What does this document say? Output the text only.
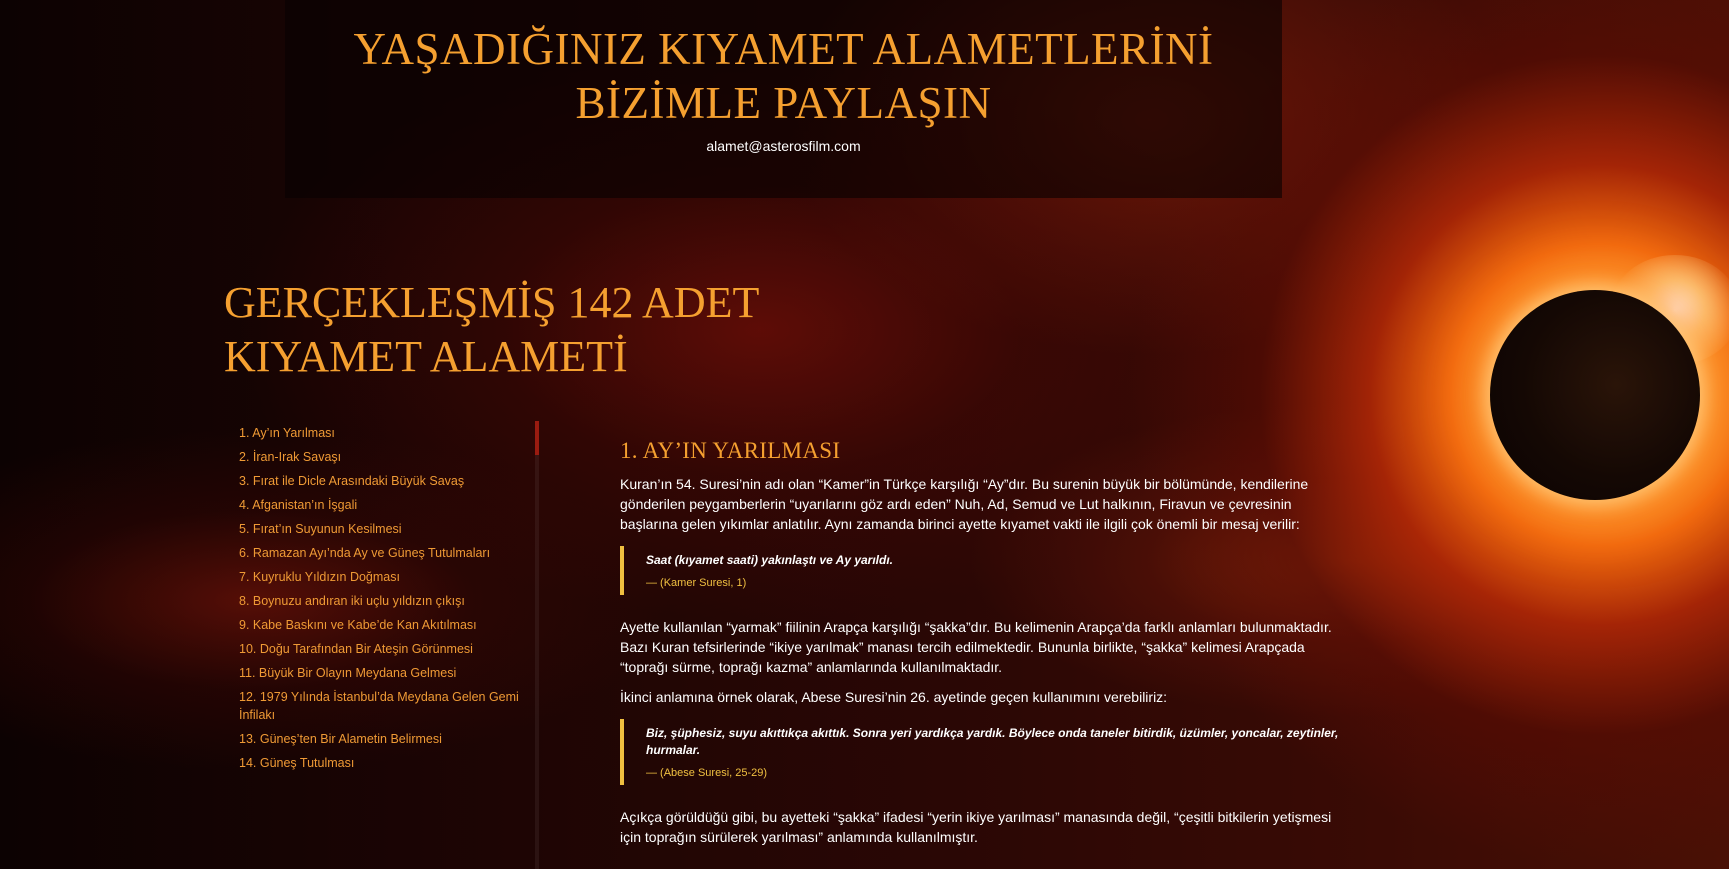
YAŞADIĞINIZ KIYAMET ALAMETLERİNİ
BİZİMLE PAYLAŞIN
alamet@asterosfilm.com
GERÇEKLEŞMİŞ 142 ADET
KIYAMET ALAMETİ
1. Ay’ın Yarılması
2. İran-Irak Savaşı
3. Fırat ile Dicle Arasındaki Büyük Savaş
4. Afganistan’ın İşgali
5. Fırat’ın Suyunun Kesilmesi
6. Ramazan Ayı’nda Ay ve Güneş Tutulmaları
7. Kuyruklu Yıldızın Doğması
8. Boynuzu andıran iki uçlu yıldızın çıkışı
9. Kabe Baskını ve Kabe’de Kan Akıtılması
10. Doğu Tarafından Bir Ateşin Görünmesi
11. Büyük Bir Olayın Meydana Gelmesi
12. 1979 Yılında İstanbul’da Meydana Gelen Gemi İnfilakı
13. Güneş’ten Bir Alametin Belirmesi
14. Güneş Tutulması
1. AY’IN YARILMASI

Kuran’ın 54. Suresi’nin adı olan “Kamer”in Türkçe karşılığı “Ay”dır. Bu surenin büyük bir bölümünde, kendilerine gönderilen peygamberlerin “uyarılarını göz ardı eden” Nuh, Ad, Semud ve Lut halkının, Firavun ve çevresinin başlarına gelen yıkımlar anlatılır. Aynı zamanda birinci ayette kıyamet vakti ile ilgili çok önemli bir mesaj verilir:

Saat (kıyamet saati) yakınlaştı ve Ay yarıldı.
— (Kamer Suresi, 1)

Ayette kullanılan “yarmak” fiilinin Arapça karşılığı “şakka”dır. Bu kelimenin Arapça’da farklı anlamları bulunmaktadır. Bazı Kuran tefsirlerinde “ikiye yarılmak” manası tercih edilmektedir. Bununla birlikte, “şakka” kelimesi Arapçada “toprağı sürme, toprağı kazma” anlamlarında kullanılmaktadır.

İkinci anlamına örnek olarak, Abese Suresi’nin 26. ayetinde geçen kullanımını verebiliriz:

Biz, şüphesiz, suyu akıttıkça akıttık. Sonra yeri yardıkça yardık. Böylece onda taneler bitirdik, üzümler, yoncalar, zeytinler, hurmalar.
— (Abese Suresi, 25-29)

Açıkça görüldüğü gibi, bu ayetteki “şakka” ifadesi “yerin ikiye yarılması” manasında değil, “çeşitli bitkilerin yetişmesi için toprağın sürülerek yarılması” anlamında kullanılmıştır.
